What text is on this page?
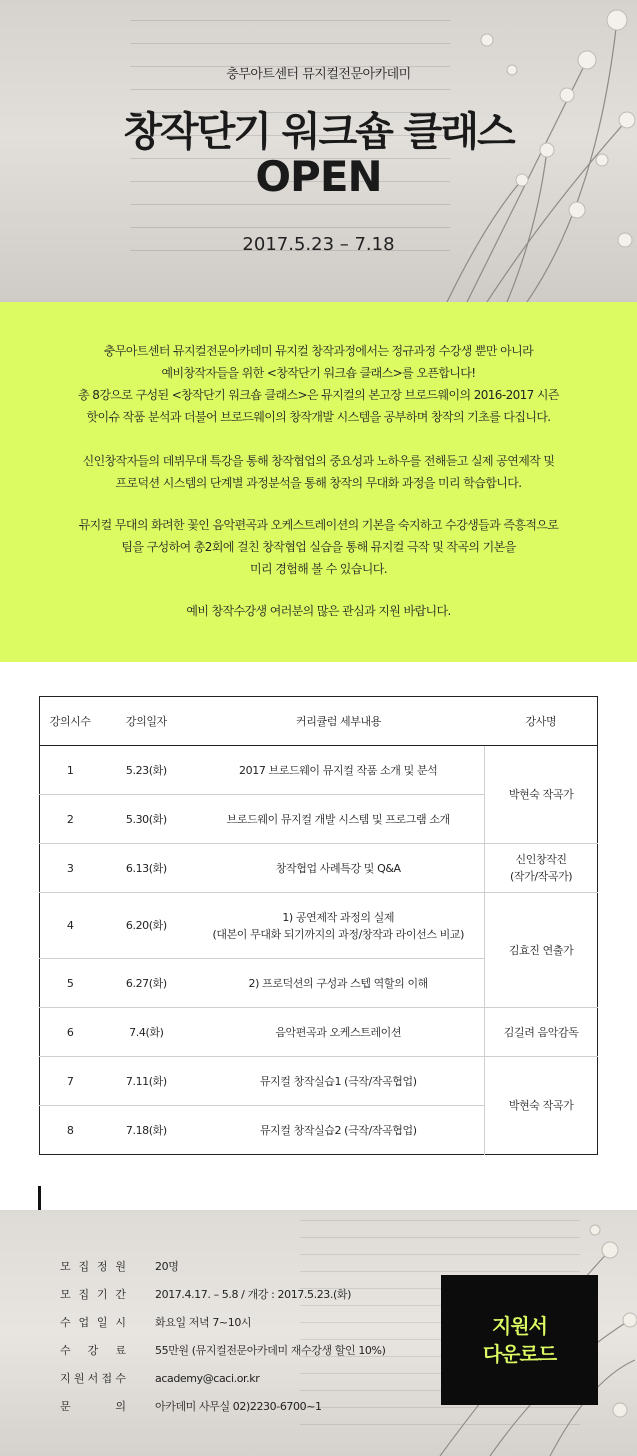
충무아트센터 뮤지컬전문아카데미
창작단기 워크숍 클래스
OPEN
2017.5.23 – 7.18

충무아트센터 뮤지컬전문아카데미 뮤지컬 창작과정에서는 정규과정 수강생 뿐만 아니라
예비창작자들을 위한 <창작단기 워크숍 클래스>를 오픈합니다!
총 8강으로 구성된 <창작단기 워크숍 클래스>은 뮤지컬의 본고장 브로드웨이의 2016-2017 시즌
핫이슈 작품 분석과 더불어 브로드웨이의 창작개발 시스템을 공부하며 창작의 기초를 다집니다.

신인창작자들의 데뷔무대 특강을 통해 창작협업의 중요성과 노하우를 전해듣고 실제 공연제작 및
프로덕션 시스템의 단계별 과정분석을 통해 창작의 무대화 과정을 미리 학습합니다.

뮤지컬 무대의 화려한 꽃인 음악편곡과 오케스트레이션의 기본을 숙지하고 수강생들과 즉흥적으로
팀을 구성하여 총2회에 걸친 창작협업 실습을 통해 뮤지컬 극작 및 작곡의 기본을
미리 경험해 볼 수 있습니다.

예비 창작수강생 여러분의 많은 관심과 지원 바랍니다.

강의시수	강의일자	커리큘럼 세부내용	강사명
1	5.23(화)	2017 브로드웨이 뮤지컬 작품 소개 및 분석	박현숙 작곡가
2	5.30(화)	브로드웨이 뮤지컬 개발 시스템 및 프로그램 소개	
3	6.13(화)	창작협업 사례특강 및 Q&A	신인창작진
(작가/작곡가)
4	6.20(화)	1) 공연제작 과정의 실제
(대본이 무대화 되기까지의 과정/창작과 라이선스 비교)	김효진 연출가
5	6.27(화)	2) 프로덕션의 구성과 스텝 역할의 이해	
6	7.4(화)	음악편곡과 오케스트레이션	김길려 음악감독
7	7.11(화)	뮤지컬 창작실습1 (극작/작곡협업)	박현숙 작곡가
8	7.18(화)	뮤지컬 창작실습2 (극작/작곡협업)	
모 집 정 원	20명
모 집 기 간	2017.4.17. – 5.8 / 개강 : 2017.5.23.(화)
수 업 일 시	화요일 저녁 7~10시
수 강 료	55만원 (뮤지컬전문아카데미 재수강생 할인 10%)
지 원 서 접 수	academy@caci.or.kr
문	의	아카데미 사무실 02)2230-6700~1
지원서
다운로드
